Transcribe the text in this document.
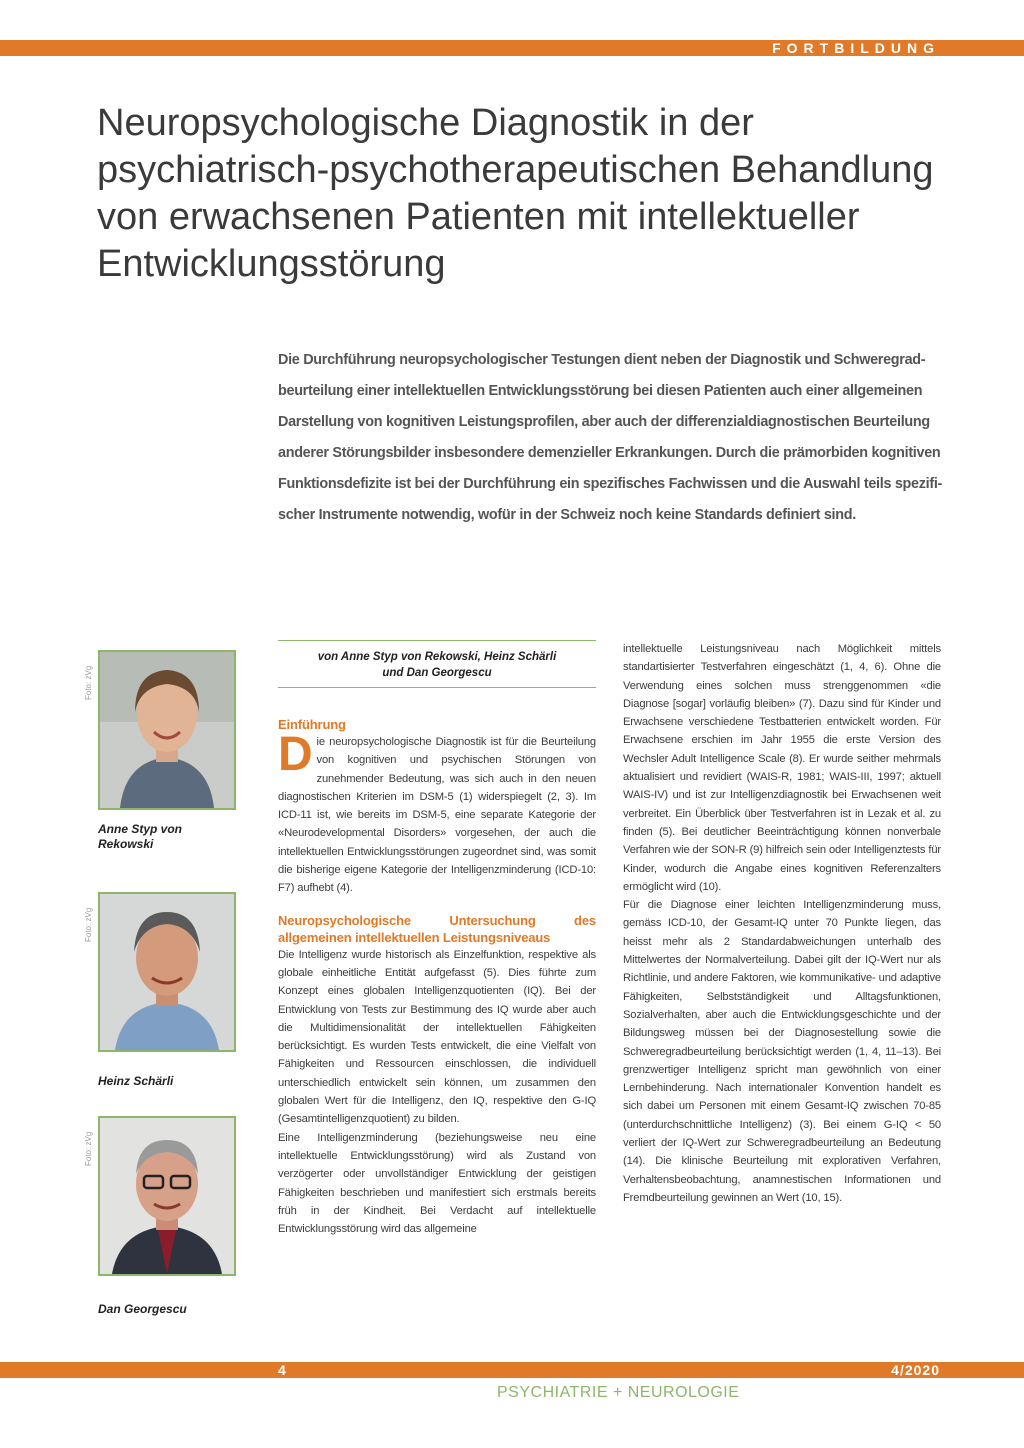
FORTBILDUNG
Neuropsychologische Diagnostik in der psychiatrisch-psychotherapeutischen Behandlung von erwachsenen Patienten mit intellektueller Entwicklungsstörung

Die Durchführung neuropsychologischer Testungen dient neben der Diagnostik und Schweregradbeurteilung einer intellektuellen Entwicklungsstörung bei diesen Patienten auch einer allgemeinen Darstellung von kognitiven Leistungsprofilen, aber auch der differenzialdiagnostischen Beurteilung anderer Störungsbilder insbesondere demenzieller Erkrankungen. Durch die prämorbiden kognitiven Funktionsdefizite ist bei der Durchführung ein spezifisches Fachwissen und die Auswahl teils spezifischer Instrumente notwendig, wofür in der Schweiz noch keine Standards definiert sind.

Foto: zVg
Anne Styp von Rekowski
Foto: zVg
Heinz Schärli
Foto: zVg
Dan Georgescu
von Anne Styp von Rekowski, Heinz Schärli
und Dan Georgescu
Einführung

Die neuropsychologische Diagnostik ist für die Beurteilung von kognitiven und psychischen Störungen von zunehmender Bedeutung, was sich auch in den neuen diagnostischen Kriterien im DSM-5 (1) widerspiegelt (2, 3). Im ICD-11 ist, wie bereits im DSM-5, eine separate Kategorie der «Neurodevelopmental Disorders» vorgesehen, der auch die intellektuellen Entwicklungsstörungen zugeordnet sind, was somit die bisherige eigene Kategorie der Intelligenzminderung (ICD-10: F7) aufhebt (4).

Neuropsychologische Untersuchung des allgemeinen intellektuellen Leistungsniveaus

Die Intelligenz wurde historisch als Einzelfunktion, respektive als globale einheitliche Entität aufgefasst (5). Dies führte zum Konzept eines globalen Intelligenzquotienten (IQ). Bei der Entwicklung von Tests zur Bestimmung des IQ wurde aber auch die Multidimensionalität der intellektuellen Fähigkeiten berücksichtigt. Es wurden Tests entwickelt, die eine Vielfalt von Fähigkeiten und Ressourcen einschlossen, die individuell unterschiedlich entwickelt sein können, um zusammen den globalen Wert für die Intelligenz, den IQ, respektive den G-IQ (Gesamtintelligenzquotient) zu bilden.

Eine Intelligenzminderung (beziehungsweise neu eine intellektuelle Entwicklungsstörung) wird als Zustand von verzögerter oder unvollständiger Entwicklung der geistigen Fähigkeiten beschrieben und manifestiert sich erstmals bereits früh in der Kindheit. Bei Verdacht auf intellektuelle Entwicklungsstörung wird das allgemeine

intellektuelle Leistungsniveau nach Möglichkeit mittels standartisierter Testverfahren eingeschätzt (1, 4, 6). Ohne die Verwendung eines solchen muss strenggenommen «die Diagnose [sogar] vorläufig bleiben» (7). Dazu sind für Kinder und Erwachsene verschiedene Testbatterien entwickelt worden. Für Erwachsene erschien im Jahr 1955 die erste Version des Wechsler Adult Intelligence Scale (8). Er wurde seither mehrmals aktualisiert und revidiert (WAIS-R, 1981; WAIS-III, 1997; aktuell WAIS-IV) und ist zur Intelligenzdiagnostik bei Erwachsenen weit verbreitet. Ein Überblick über Testverfahren ist in Lezak et al. zu finden (5). Bei deutlicher Beeinträchtigung können nonverbale Verfahren wie der SON-R (9) hilfreich sein oder Intelligenztests für Kinder, wodurch die Angabe eines kognitiven Referenzalters ermöglicht wird (10).

Für die Diagnose einer leichten Intelligenzminderung muss, gemäss ICD-10, der Gesamt-IQ unter 70 Punkte liegen, das heisst mehr als 2 Standardabweichungen unterhalb des Mittelwertes der Normalverteilung. Dabei gilt der IQ-Wert nur als Richtlinie, und andere Faktoren, wie kommunikative- und adaptive Fähigkeiten, Selbstständigkeit und Alltagsfunktionen, Sozialverhalten, aber auch die Entwicklungsgeschichte und der Bildungsweg müssen bei der Diagnosestellung sowie die Schweregradbeurteilung berücksichtigt werden (1, 4, 11–13). Bei grenzwertiger Intelligenz spricht man gewöhnlich von einer Lernbehinderung. Nach internationaler Konvention handelt es sich dabei um Personen mit einem Gesamt-IQ zwischen 70-85 (unterdurchschnittliche Intelligenz) (3). Bei einem G-IQ < 50 verliert der IQ-Wert zur Schweregradbeurteilung an Bedeutung (14). Die klinische Beurteilung mit explorativen Verfahren, Verhaltensbeobachtung, anamnestischen Informationen und Fremdbeurteilung gewinnen an Wert (10, 15).

4	4/2020
PSYCHIATRIE + NEUROLOGIE
